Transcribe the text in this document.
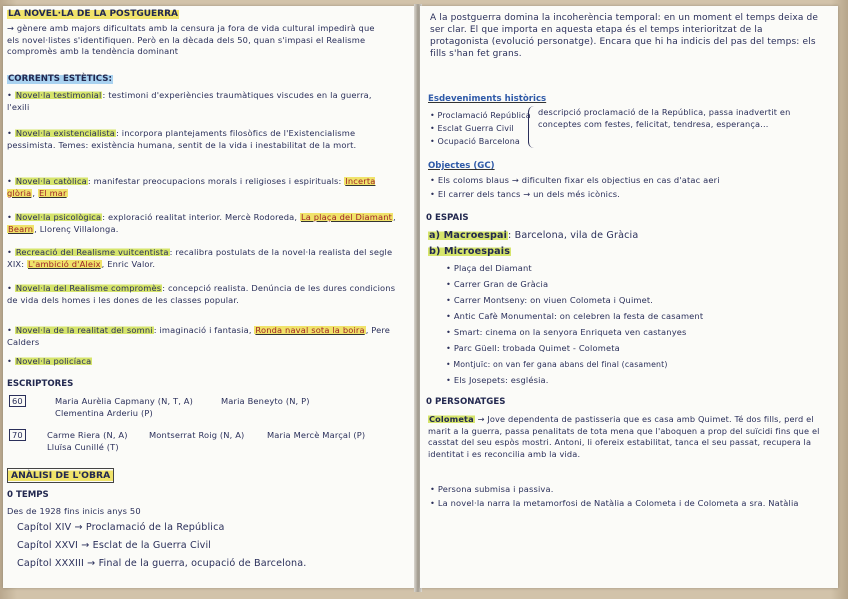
LA NOVEL·LA DE LA POSTGUERRA
→ gènere amb majors dificultats amb la censura ja fora de vida cultural impedirà que els novel·listes s'identifiquen. Però en la dècada dels 50, quan s'impasi el Realisme compromès amb la tendència dominant
CORRENTS ESTÈTICS:
• Novel·la testimonial: testimoni d'experiències traumàtiques viscudes en la guerra, l'exili
• Novel·la existencialista: incorpora plantejaments filosòfics de l'Existencialisme pessimista. Temes: existència humana, sentit de la vida i inestabilitat de la mort.
• Novel·la catòlica: manifestar preocupacions morals i religioses i espirituals: Incerta glòria, El mar
• Novel·la psicològica: exploració realitat interior. Mercè Rodoreda, La plaça del Diamant, Bearn, Llorenç Villalonga.
• Recreació del Realisme vuitcentista: recalibra postulats de la novel·la realista del segle XIX: L'ambició d'Aleix, Enric Valor.
• Novel·la del Realisme compromès: concepció realista. Denúncia de les dures condicions de vida dels homes i les dones de les classes popular.
• Novel·la de la realitat del somni: imaginació i fantasia, Ronda naval sota la boira, Pere Calders
• Novel·la policíaca
ESCRIPTORES
60	Maria Aurèlia Capmany (N, T, A)	Maria Beneyto (N, P)
Clementina Arderiu (P)
70	Carme Riera (N, A)	Montserrat Roig (N, A)	Maria Mercè Marçal (P)
Lluïsa Cunillé (T)
ANÀLISI DE L'OBRA
0 TEMPS
Des de 1928 fins inicis anys 50
Capítol XIV → Proclamació de la República
Capítol XXVI → Esclat de la Guerra Civil
Capítol XXXIII → Final de la guerra, ocupació de Barcelona.
A la postguerra domina la incoherència temporal: en un moment el temps deixa de ser clar. El que importa en aquesta etapa és el temps interioritzat de la protagonista (evolució personatge). Encara que hi ha indicis del pas del temps: els fills s'han fet grans.
Esdeveniments històrics
• Proclamació República
• Esclat Guerra Civil
• Ocupació Barcelona
descripció proclamació de la República, passa inadvertit en conceptes com festes, felicitat, tendresa, esperança...
Objectes (GC)
• Els coloms blaus → dificulten fixar els objectius en cas d'atac aeri
• El carrer dels tancs → un dels més icònics.
0 ESPAIS
a) Macroespai: Barcelona, vila de Gràcia
b) Microespais
• Plaça del Diamant
• Carrer Gran de Gràcia
• Carrer Montseny: on viuen Colometa i Quimet.
• Antic Cafè Monumental: on celebren la festa de casament
• Smart: cinema on la senyora Enriqueta ven castanyes
• Parc Güell: trobada Quimet - Colometa
• Montjuïc: on van fer gana abans del final (casament)
• Els Josepets: església.
0 PERSONATGES
Colometa → Jove dependenta de pastisseria que es casa amb Quimet. Té dos fills, perd el marit a la guerra, passa penalitats de tota mena que l'aboquen a prop del suïcidi fins que el casstat del seu espòs mostri. Antoni, li ofereix estabilitat, tanca el seu passat, recupera la identitat i es reconcilia amb la vida.
• Persona submisa i passiva.
• La novel·la narra la metamorfosi de Natàlia a Colometa i de Colometa a sra. Natàlia
